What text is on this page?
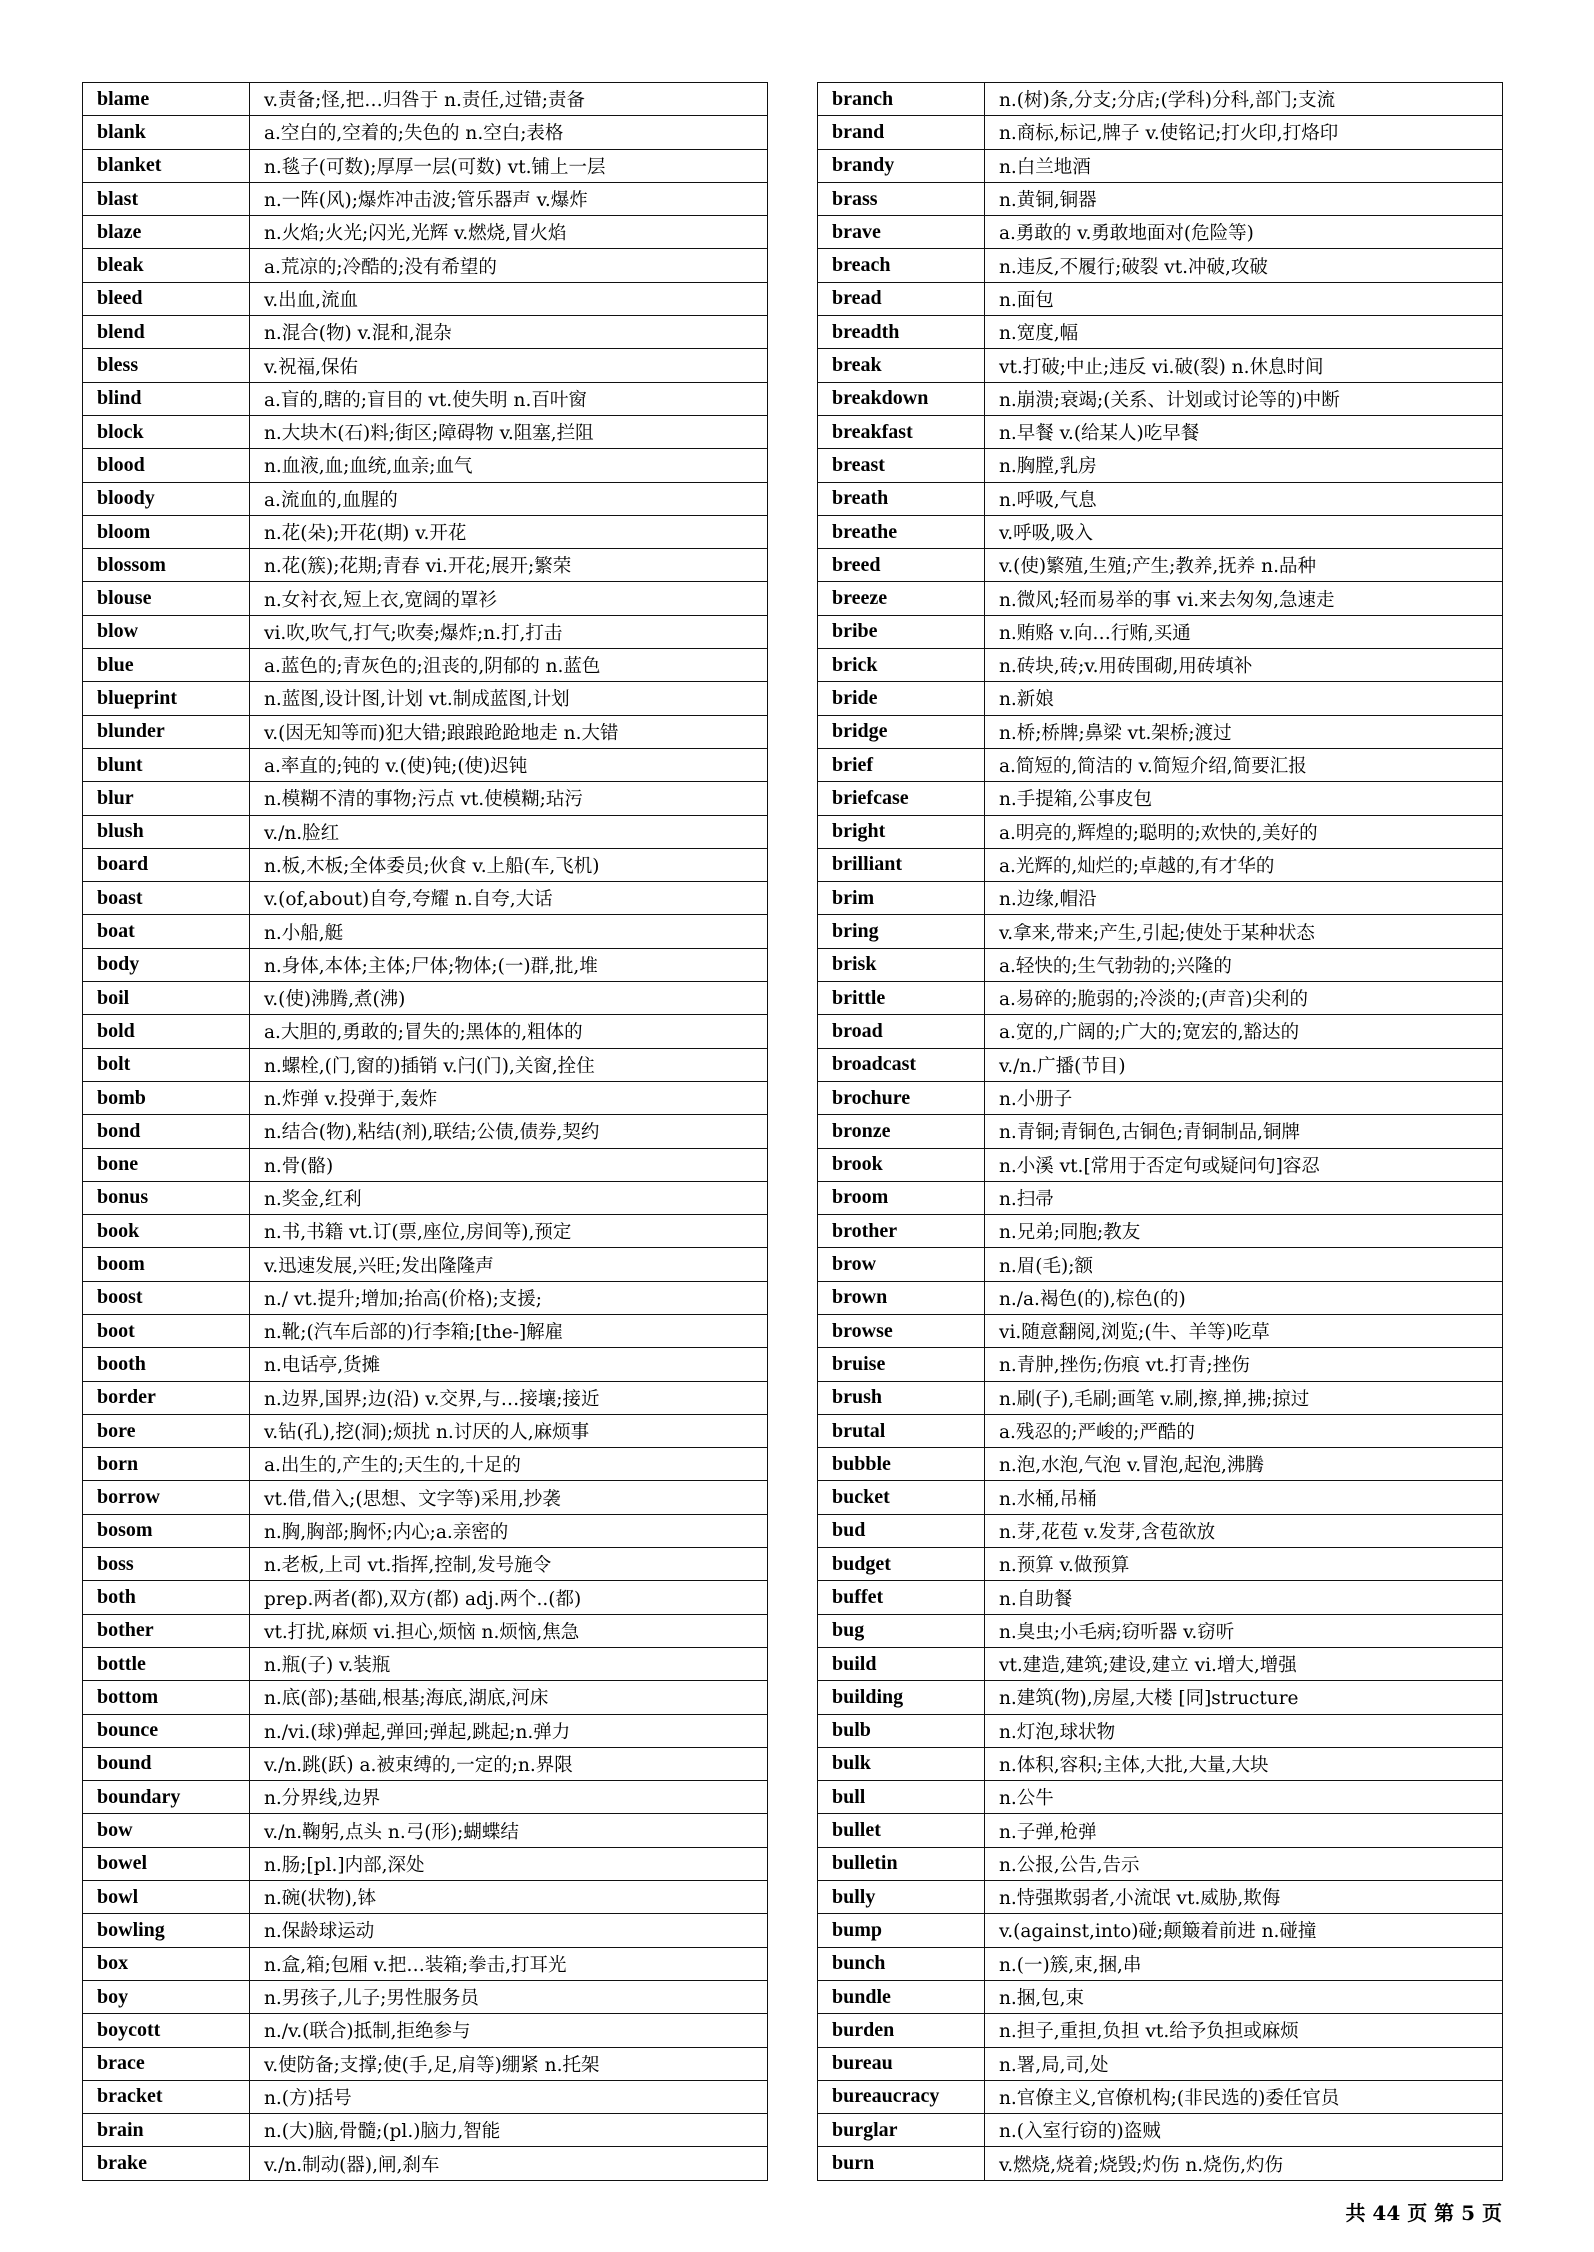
blame	v.责备;怪,把…归咎于 n.责任,过错;责备
blank	a.空白的,空着的;失色的 n.空白;表格
blanket	n.毯子(可数);厚厚一层(可数) vt.铺上一层
blast	n.一阵(风);爆炸冲击波;管乐器声 v.爆炸
blaze	n.火焰;火光;闪光,光辉 v.燃烧,冒火焰
bleak	a.荒凉的;冷酷的;没有希望的
bleed	v.出血,流血
blend	n.混合(物) v.混和,混杂
bless	v.祝福,保佑
blind	a.盲的,瞎的;盲目的 vt.使失明 n.百叶窗
block	n.大块木(石)料;街区;障碍物 v.阻塞,拦阻
blood	n.血液,血;血统,血亲;血气
bloody	a.流血的,血腥的
bloom	n.花(朵);开花(期) v.开花
blossom	n.花(簇);花期;青春 vi.开花;展开;繁荣
blouse	n.女衬衣,短上衣,宽阔的罩衫
blow	vi.吹,吹气,打气;吹奏;爆炸;n.打,打击
blue	a.蓝色的;青灰色的;沮丧的,阴郁的 n.蓝色
blueprint	n.蓝图,设计图,计划 vt.制成蓝图,计划
blunder	v.(因无知等而)犯大错;踉踉跄跄地走 n.大错
blunt	a.率直的;钝的 v.(使)钝;(使)迟钝
blur	n.模糊不清的事物;污点 vt.使模糊;玷污
blush	v./n.脸红
board	n.板,木板;全体委员;伙食 v.上船(车,飞机)
boast	v.(of,about)自夸,夸耀 n.自夸,大话
boat	n.小船,艇
body	n.身体,本体;主体;尸体;物体;(一)群,批,堆
boil	v.(使)沸腾,煮(沸)
bold	a.大胆的,勇敢的;冒失的;黑体的,粗体的
bolt	n.螺栓,(门,窗的)插销 v.闩(门),关窗,拴住
bomb	n.炸弹 v.投弹于,轰炸
bond	n.结合(物),粘结(剂),联结;公债,债券,契约
bone	n.骨(骼)
bonus	n.奖金,红利
book	n.书,书籍 vt.订(票,座位,房间等),预定
boom	v.迅速发展,兴旺;发出隆隆声
boost	n./ vt.提升;增加;抬高(价格);支援;
boot	n.靴;(汽车后部的)行李箱;[the-]解雇
booth	n.电话亭,货摊
border	n.边界,国界;边(沿) v.交界,与…接壤;接近
bore	v.钻(孔),挖(洞);烦扰 n.讨厌的人,麻烦事
born	a.出生的,产生的;天生的,十足的
borrow	vt.借,借入;(思想、文字等)采用,抄袭
bosom	n.胸,胸部;胸怀;内心;a.亲密的
boss	n.老板,上司 vt.指挥,控制,发号施令
both	prep.两者(都),双方(都) adj.两个..(都)
bother	vt.打扰,麻烦 vi.担心,烦恼 n.烦恼,焦急
bottle	n.瓶(子) v.装瓶
bottom	n.底(部);基础,根基;海底,湖底,河床
bounce	n./vi.(球)弹起,弹回;弹起,跳起;n.弹力
bound	v./n.跳(跃) a.被束缚的,一定的;n.界限
boundary	n.分界线,边界
bow	v./n.鞠躬,点头 n.弓(形);蝴蝶结
bowel	n.肠;[pl.]内部,深处
bowl	n.碗(状物),钵
bowling	n.保龄球运动
box	n.盒,箱;包厢 v.把…装箱;拳击,打耳光
boy	n.男孩子,儿子;男性服务员
boycott	n./v.(联合)抵制,拒绝参与
brace	v.使防备;支撑;使(手,足,肩等)绷紧 n.托架
bracket	n.(方)括号
brain	n.(大)脑,骨髓;(pl.)脑力,智能
brake	v./n.制动(器),闸,刹车
branch	n.(树)条,分支;分店;(学科)分科,部门;支流
brand	n.商标,标记,牌子 v.使铭记;打火印,打烙印
brandy	n.白兰地酒
brass	n.黄铜,铜器
brave	a.勇敢的 v.勇敢地面对(危险等)
breach	n.违反,不履行;破裂 vt.冲破,攻破
bread	n.面包
breadth	n.宽度,幅
break	vt.打破;中止;违反 vi.破(裂) n.休息时间
breakdown	n.崩溃;衰竭;(关系、计划或讨论等的)中断
breakfast	n.早餐 v.(给某人)吃早餐
breast	n.胸膛,乳房
breath	n.呼吸,气息
breathe	v.呼吸,吸入
breed	v.(使)繁殖,生殖;产生;教养,抚养 n.品种
breeze	n.微风;轻而易举的事 vi.来去匆匆,急速走
bribe	n.贿赂 v.向…行贿,买通
brick	n.砖块,砖;v.用砖围砌,用砖填补
bride	n.新娘
bridge	n.桥;桥牌;鼻梁 vt.架桥;渡过
brief	a.简短的,简洁的 v.简短介绍,简要汇报
briefcase	n.手提箱,公事皮包
bright	a.明亮的,辉煌的;聪明的;欢快的,美好的
brilliant	a.光辉的,灿烂的;卓越的,有才华的
brim	n.边缘,帽沿
bring	v.拿来,带来;产生,引起;使处于某种状态
brisk	a.轻快的;生气勃勃的;兴隆的
brittle	a.易碎的;脆弱的;冷淡的;(声音)尖利的
broad	a.宽的,广阔的;广大的;宽宏的,豁达的
broadcast	v./n.广播(节目)
brochure	n.小册子
bronze	n.青铜;青铜色,古铜色;青铜制品,铜牌
brook	n.小溪 vt.[常用于否定句或疑问句]容忍
broom	n.扫帚
brother	n.兄弟;同胞;教友
brow	n.眉(毛);额
brown	n./a.褐色(的),棕色(的)
browse	vi.随意翻阅,浏览;(牛、羊等)吃草
bruise	n.青肿,挫伤;伤痕 vt.打青;挫伤
brush	n.刷(子),毛刷;画笔 v.刷,擦,掸,拂;掠过
brutal	a.残忍的;严峻的;严酷的
bubble	n.泡,水泡,气泡 v.冒泡,起泡,沸腾
bucket	n.水桶,吊桶
bud	n.芽,花苞 v.发芽,含苞欲放
budget	n.预算 v.做预算
buffet	n.自助餐
bug	n.臭虫;小毛病;窃听器 v.窃听
build	vt.建造,建筑;建设,建立 vi.增大,增强
building	n.建筑(物),房屋,大楼 [同]structure
bulb	n.灯泡,球状物
bulk	n.体积,容积;主体,大批,大量,大块
bull	n.公牛
bullet	n.子弹,枪弹
bulletin	n.公报,公告,告示
bully	n.恃强欺弱者,小流氓 vt.威胁,欺侮
bump	v.(against,into)碰;颠簸着前进 n.碰撞
bunch	n.(一)簇,束,捆,串
bundle	n.捆,包,束
burden	n.担子,重担,负担 vt.给予负担或麻烦
bureau	n.署,局,司,处
bureaucracy	n.官僚主义,官僚机构;(非民选的)委任官员
burglar	n.(入室行窃的)盗贼
burn	v.燃烧,烧着;烧毁;灼伤 n.烧伤,灼伤
共 44 页 第 5 页
